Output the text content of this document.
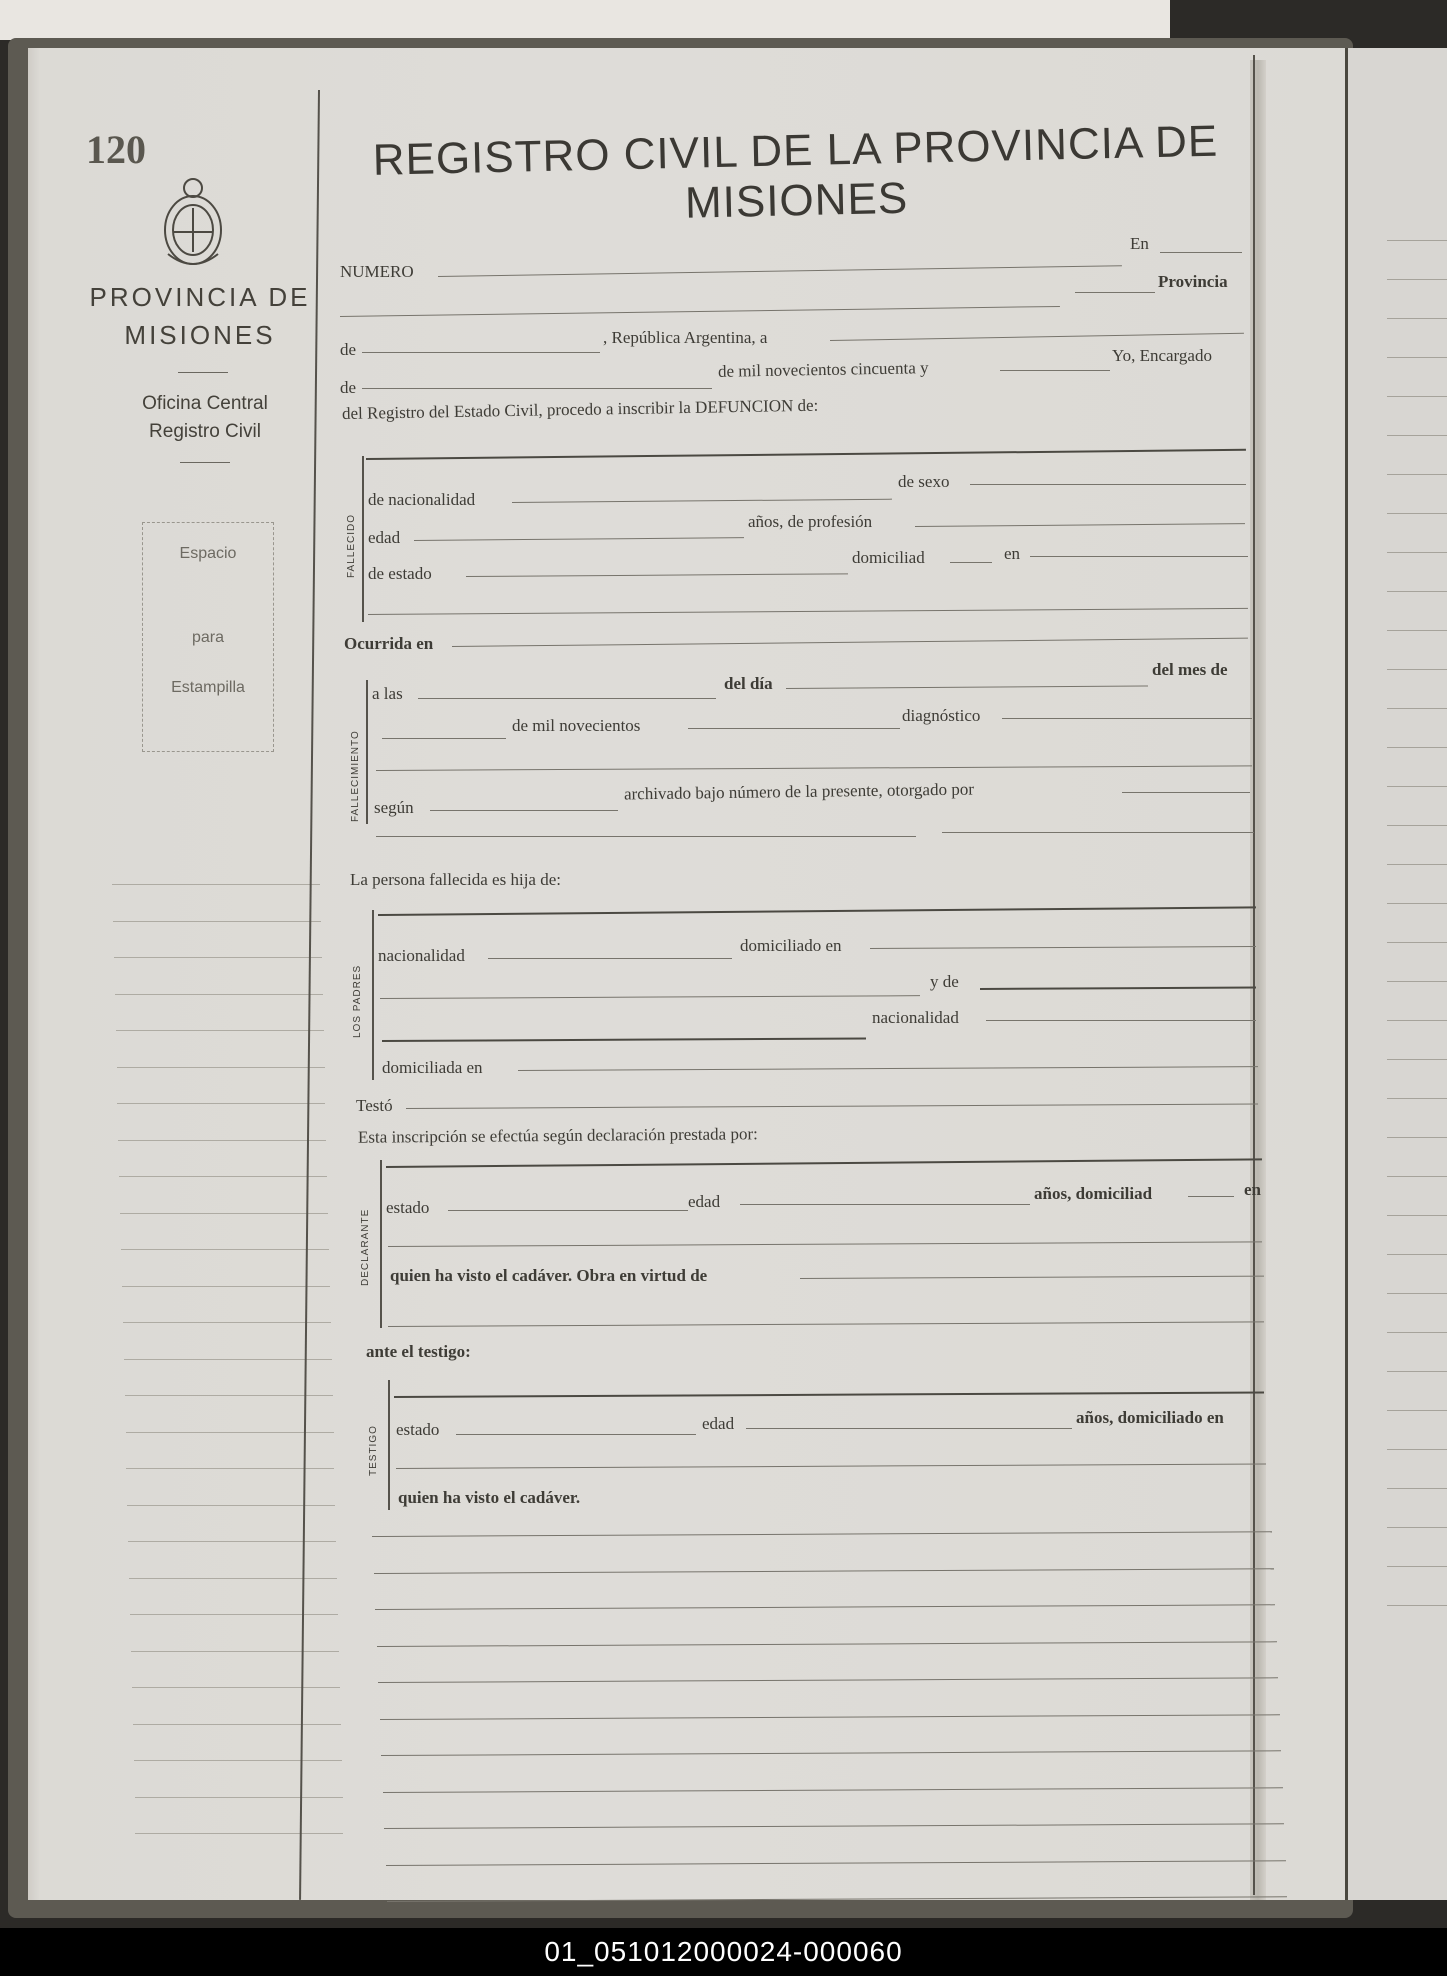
120
PROVINCIA DE MISIONES
Oficina Central Registro Civil
Espacio
para
Estampilla
REGISTRO CIVIL DE LA PROVINCIA DE MISIONES
En
NUMERO
Provincia
de
, República Argentina, a
de
de mil novecientos cincuenta y
Yo, Encargado
del Registro del Estado Civil, procedo a inscribir la DEFUNCION de:
FALLECIDO
de nacionalidad
de sexo
edad
años, de profesión
de estado
domiciliad	en
Ocurrida en
FALLECIMIENTO
a las
del día
del mes de
de mil novecientos
diagnóstico
según
archivado bajo número de la presente, otorgado por
La persona fallecida es hija de:
LOS PADRES
nacionalidad
domiciliado en
y de
nacionalidad
domiciliada en
Testó
Esta inscripción se efectúa según declaración prestada por:
DECLARANTE
estado	edad	años, domiciliad	en
quien ha visto el cadáver. Obra en virtud de
ante el testigo:
TESTIGO estado	edad	años, domiciliado en
quien ha visto el cadáver.
01_051012000024-000060
